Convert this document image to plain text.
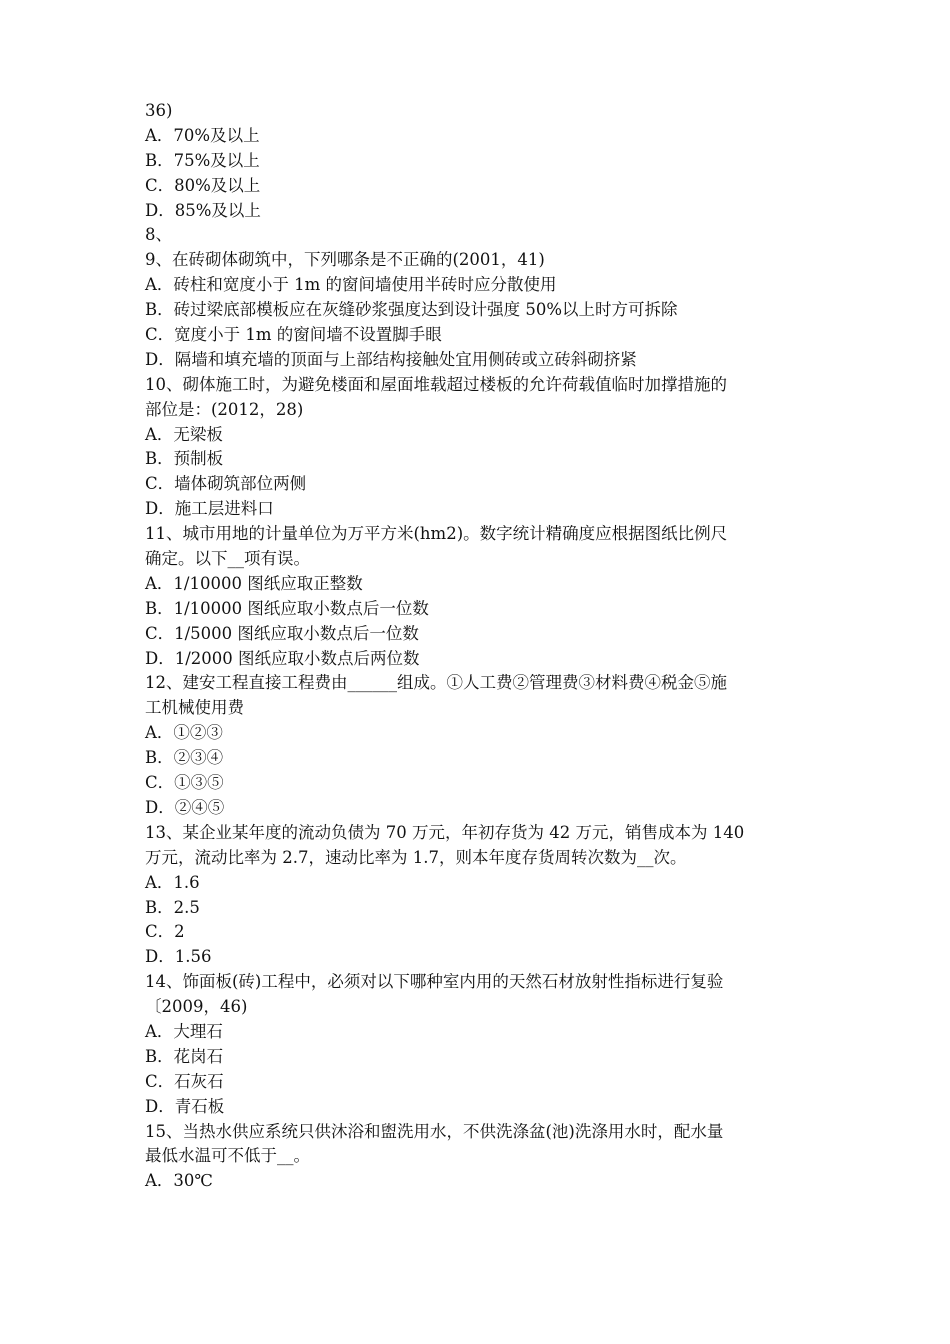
36)
A．70%及以上
B．75%及以上
C．80%及以上
D．85%及以上
8、
9、在砖砌体砌筑中，下列哪条是不正确的(2001，41)
A．砖柱和宽度小于 1m 的窗间墙使用半砖时应分散使用
B．砖过梁底部模板应在灰缝砂浆强度达到设计强度 50%以上时方可拆除
C．宽度小于 1m 的窗间墙不设置脚手眼
D．隔墙和填充墙的顶面与上部结构接触处宜用侧砖或立砖斜砌挤紧
10、砌体施工时，为避免楼面和屋面堆载超过楼板的允许荷载值临时加撑措施的
部位是：(2012，28)
A．无梁板
B．预制板
C．墙体砌筑部位两侧
D．施工层进料口
11、城市用地的计量单位为万平方米(hm2)。数字统计精确度应根据图纸比例尺
确定。以下__项有误。
A．1/10000 图纸应取正整数
B．1/10000 图纸应取小数点后一位数
C．1/5000 图纸应取小数点后一位数
D．1/2000 图纸应取小数点后两位数
12、建安工程直接工程费由______组成。①人工费②管理费③材料费④税金⑤施
工机械使用费
A．①②③
B．②③④
C．①③⑤
D．②④⑤
13、某企业某年度的流动负债为 70 万元，年初存货为 42 万元，销售成本为 140
万元，流动比率为 2.7，速动比率为 1.7，则本年度存货周转次数为__次。
A．1.6
B．2.5
C．2
D．1.56
14、饰面板(砖)工程中，必须对以下哪种室内用的天然石材放射性指标进行复验
〔2009，46)
A．大理石
B．花岗石
C．石灰石
D．青石板
15、当热水供应系统只供沐浴和盥洗用水，不供洗涤盆(池)洗涤用水时，配水量
最低水温可不低于__。
A．30℃
